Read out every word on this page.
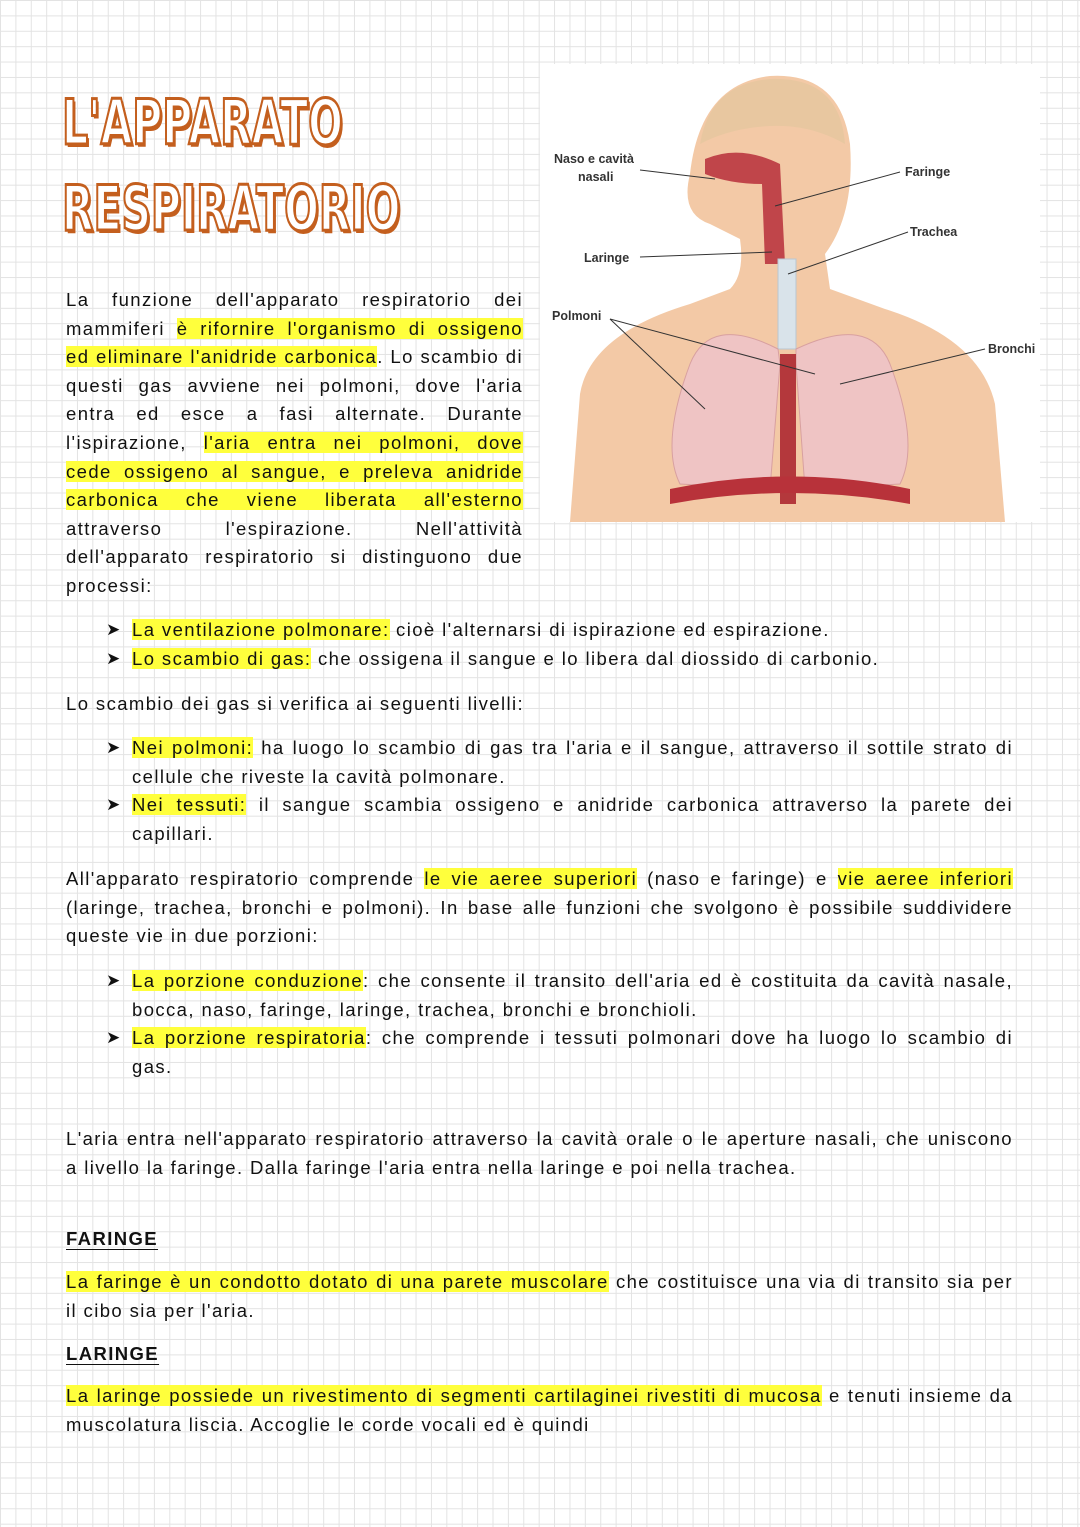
L'APPARATO
RESPIRATORIO
Naso e cavità
nasali	Faringe
Trachea
Laringe
Polmoni
Bronchi
La funzione dell'apparato respiratorio dei mammiferi è rifornire l'organismo di ossigeno ed eliminare l'anidride carbonica. Lo scambio di questi gas avviene nei polmoni, dove l'aria entra ed esce a fasi alternate. Durante l'ispirazione, l'aria entra nei polmoni, dove cede ossigeno al sangue, e preleva anidride carbonica che viene liberata all'esterno attraverso l'espirazione. Nell'attività dell'apparato respiratorio si distinguono due processi:
➤ La ventilazione polmonare: cioè l'alternarsi di ispirazione ed espirazione.
➤ Lo scambio di gas: che ossigena il sangue e lo libera dal diossido di carbonio.
Lo scambio dei gas si verifica ai seguenti livelli:
➤ Nei polmoni: ha luogo lo scambio di gas tra l'aria e il sangue, attraverso il sottile strato di cellule che riveste la cavità polmonare.
➤ Nei tessuti: il sangue scambia ossigeno e anidride carbonica attraverso la parete dei capillari.
All'apparato respiratorio comprende le vie aeree superiori (naso e faringe) e vie aeree inferiori (laringe, trachea, bronchi e polmoni). In base alle funzioni che svolgono è possibile suddividere queste vie in due porzioni:
➤ La porzione conduzione: che consente il transito dell'aria ed è costituita da cavità nasale, bocca, naso, faringe, laringe, trachea, bronchi e bronchioli.
➤ La porzione respiratoria: che comprende i tessuti polmonari dove ha luogo lo scambio di gas.
L'aria entra nell'apparato respiratorio attraverso la cavità orale o le aperture nasali, che uniscono a livello la faringe. Dalla faringe l'aria entra nella laringe e poi nella trachea.
FARINGE
La faringe è un condotto dotato di una parete muscolare che costituisce una via di transito sia per il cibo sia per l'aria.
LARINGE
La laringe possiede un rivestimento di segmenti cartilaginei rivestiti di mucosa e tenuti insieme da muscolatura liscia. Accoglie le corde vocali ed è quindi
